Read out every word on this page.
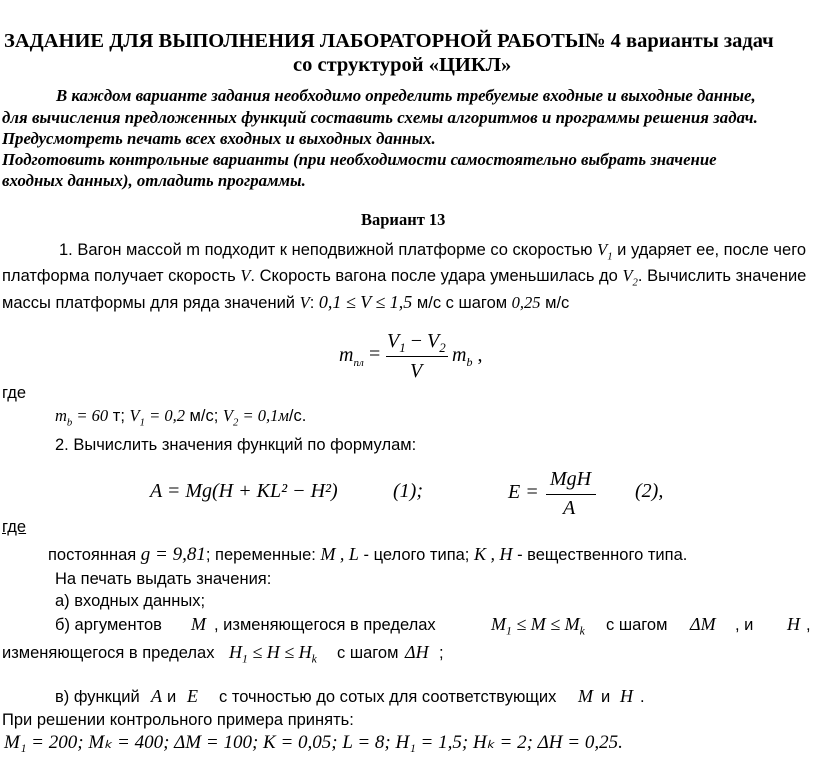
ЗАДАНИЕ ДЛЯ ВЫПОЛНЕНИЯ ЛАБОРАТОРНОЙ РАБОТЫ№ 4 варианты задач
со структурой «ЦИКЛ»
В каждом варианте задания необходимо определить требуемые входные и выходные данные,
для вычисления предложенных функций составить схемы алгоритмов и программы решения задач.
Предусмотреть печать всех входных и выходных данных.
Подготовить контрольные варианты (при необходимости самостоятельно выбрать значение
входных данных), отладить программы.
Вариант 13
1. Вагон массой m подходит к неподвижной платформе со скоростью $V_1$ и ударяет ее, после чего
платформа получает скорость V. Скорость вагона после удара уменьшилась до $V_2$. Вычислить значение
массы платформы для ряда значений V: 0,1 ≤ V ≤ 1,5 м/с с шагом 0,25 м/с
$m_{пл}$ =
$V_1 - V_2$
V
$m_b$ ,
где
$m_b = 60$ т; $V_1 = 0,2$ м/с; $V_2 = 0,1м/с$.
2. Вычислить значения функций по формулам:
A = Mg(H + KL² − H²)	(1);	E =
MgH
A
(2),
где
постоянная g = 9,81; переменные: M , L - целого типа; K , H - вещественного типа.
На печать выдать значения:
а) входных данных;
б) аргументов M , изменяющегося в пределах	$M_1 \le M \le M_k$ с шагом ΔM , и H ,
изменяющегося в пределах $H_1 \le H \le H_k$ с шагом ΔH ;
в) функций A и E с точностью до сотых для соответствующих M и H .
При решении контрольного примера принять:
M₁ = 200; Mₖ = 400; ΔM = 100; K = 0,05; L = 8; H₁ = 1,5; Hₖ = 2; ΔH = 0,25.
